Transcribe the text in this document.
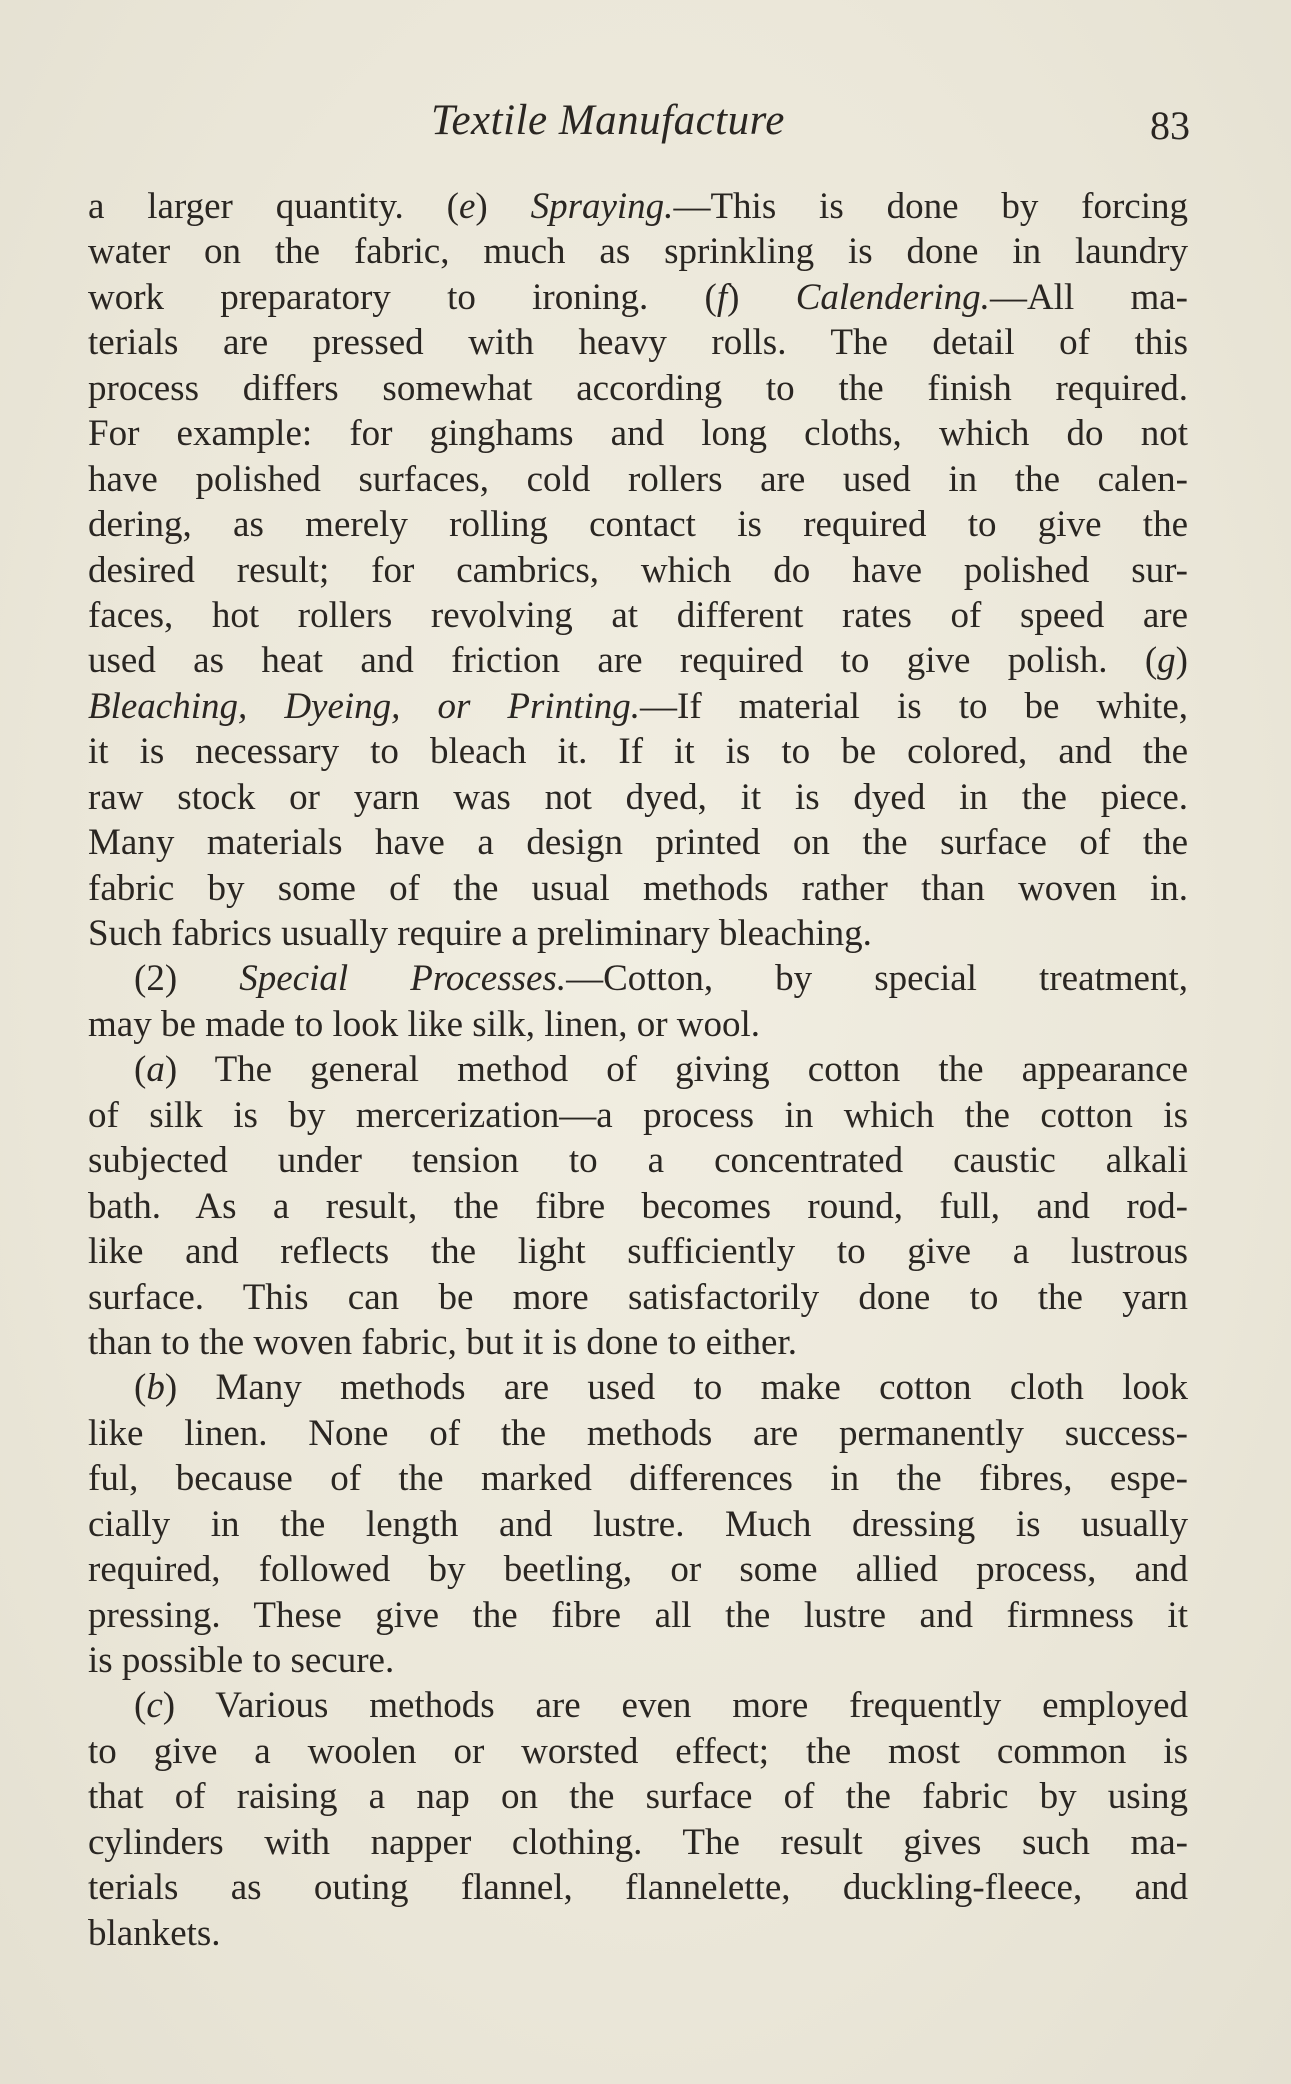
Textile Manufacture	83
a larger quantity. (e) Spraying.—This is done by forcing
water on the fabric, much as sprinkling is done in laundry
work preparatory to ironing. (f) Calendering.—All ma-
terials are pressed with heavy rolls. The detail of this
process differs somewhat according to the finish required.
For example: for ginghams and long cloths, which do not
have polished surfaces, cold rollers are used in the calen-
dering, as merely rolling contact is required to give the
desired result; for cambrics, which do have polished sur-
faces, hot rollers revolving at different rates of speed are
used as heat and friction are required to give polish. (g)
Bleaching, Dyeing, or Printing.—If material is to be white,
it is necessary to bleach it. If it is to be colored, and the
raw stock or yarn was not dyed, it is dyed in the piece.
Many materials have a design printed on the surface of the
fabric by some of the usual methods rather than woven in.
Such fabrics usually require a preliminary bleaching.
(2) Special Processes.—Cotton, by special treatment,
may be made to look like silk, linen, or wool.
(a) The general method of giving cotton the appearance
of silk is by mercerization—a process in which the cotton is
subjected under tension to a concentrated caustic alkali
bath. As a result, the fibre becomes round, full, and rod-
like and reflects the light sufficiently to give a lustrous
surface. This can be more satisfactorily done to the yarn
than to the woven fabric, but it is done to either.
(b) Many methods are used to make cotton cloth look
like linen. None of the methods are permanently success-
ful, because of the marked differences in the fibres, espe-
cially in the length and lustre. Much dressing is usually
required, followed by beetling, or some allied process, and
pressing. These give the fibre all the lustre and firmness it
is possible to secure.
(c) Various methods are even more frequently employed
to give a woolen or worsted effect; the most common is
that of raising a nap on the surface of the fabric by using
cylinders with napper clothing. The result gives such ma-
terials as outing flannel, flannelette, duckling-fleece, and
blankets.
